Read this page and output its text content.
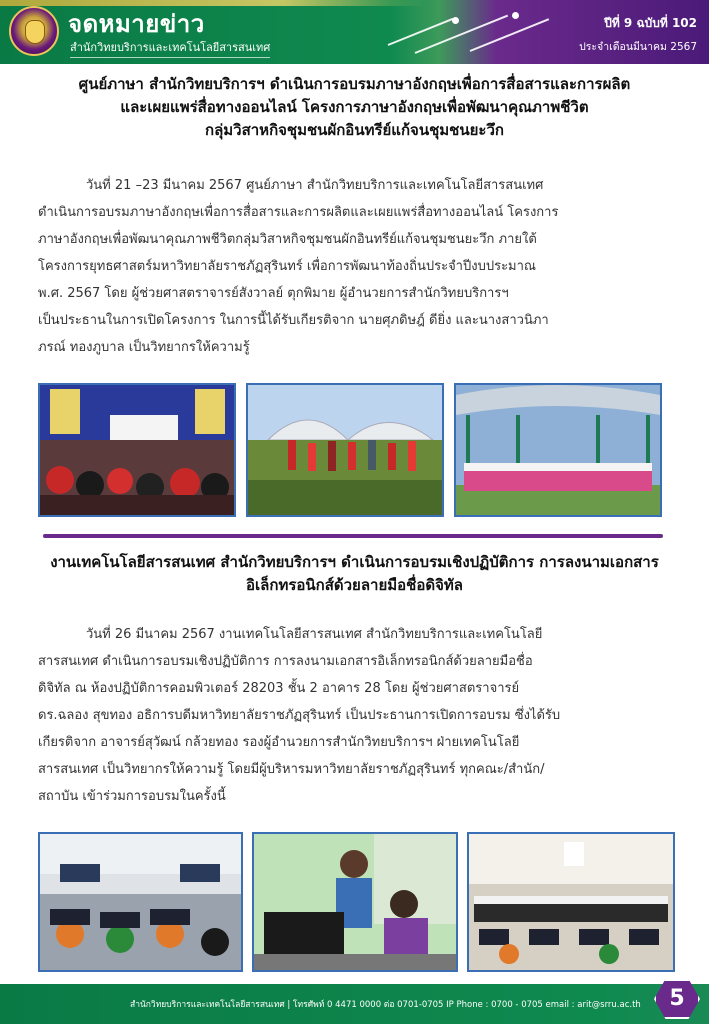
จดหมายข่าว
สำนักวิทยบริการและเทคโนโลยีสารสนเทศ
ปีที่ 9 ฉบับที่ 102
ประจำเดือนมีนาคม 2567
ศูนย์ภาษา สำนักวิทยบริการฯ ดำเนินการอบรมภาษาอังกฤษเพื่อการสื่อสารและการผลิต
และเผยแพร่สื่อทางออนไลน์ โครงการภาษาอังกฤษเพื่อพัฒนาคุณภาพชีวิต
กลุ่มวิสาหกิจชุมชนผักอินทรีย์แก้จนชุมชนยะวึก
วันที่ 21 –23 มีนาคม 2567 ศูนย์ภาษา สำนักวิทยบริการและเทคโนโลยีสารสนเทศ
ดำเนินการอบรมภาษาอังกฤษเพื่อการสื่อสารและการผลิตและเผยแพร่สื่อทางออนไลน์ โครงการ
ภาษาอังกฤษเพื่อพัฒนาคุณภาพชีวิตกลุ่มวิสาหกิจชุมชนผักอินทรีย์แก้จนชุมชนยะวึก ภายใต้
โครงการยุทธศาสตร์มหาวิทยาลัยราชภัฏสุรินทร์ เพื่อการพัฒนาท้องถิ่นประจำปีงบประมาณ
พ.ศ. 2567 โดย ผู้ช่วยศาสตราจารย์สังวาลย์ ตุกพิมาย ผู้อำนวยการสำนักวิทยบริการฯ
เป็นประธานในการเปิดโครงการ ในการนี้ได้รับเกียรติจาก นายศุภดิษฎ์ ดียิ่ง และนางสาวนิภา
ภรณ์ ทองภูบาล เป็นวิทยากรให้ความรู้
งานเทคโนโลยีสารสนเทศ สำนักวิทยบริการฯ ดำเนินการอบรมเชิงปฏิบัติการ การลงนามเอกสาร
อิเล็กทรอนิกส์ด้วยลายมือชื่อดิจิทัล
วันที่ 26 มีนาคม 2567 งานเทคโนโลยีสารสนเทศ สำนักวิทยบริการและเทคโนโลยี
สารสนเทศ ดำเนินการอบรมเชิงปฏิบัติการ การลงนามเอกสารอิเล็กทรอนิกส์ด้วยลายมือชื่อ
ดิจิทัล ณ ห้องปฏิบัติการคอมพิวเตอร์ 28203 ชั้น 2 อาคาร 28 โดย ผู้ช่วยศาสตราจารย์
ดร.ฉลอง สุขทอง อธิการบดีมหาวิทยาลัยราชภัฏสุรินทร์ เป็นประธานการเปิดการอบรม ซึ่งได้รับ
เกียรติจาก อาจารย์สุวัฒน์ กล้วยทอง รองผู้อำนวยการสำนักวิทยบริการฯ ฝ่ายเทคโนโลยี
สารสนเทศ เป็นวิทยากรให้ความรู้ โดยมีผู้บริหารมหาวิทยาลัยราชภัฏสุรินทร์ ทุกคณะ/สำนัก/
สถาบัน เข้าร่วมการอบรมในครั้งนี้
สำนักวิทยบริการและเทคโนโลยีสารสนเทศ | โทรศัพท์ 0 4471 0000 ต่อ 0701-0705 IP Phone : 0700 - 0705 email : arit@srru.ac.th	5
